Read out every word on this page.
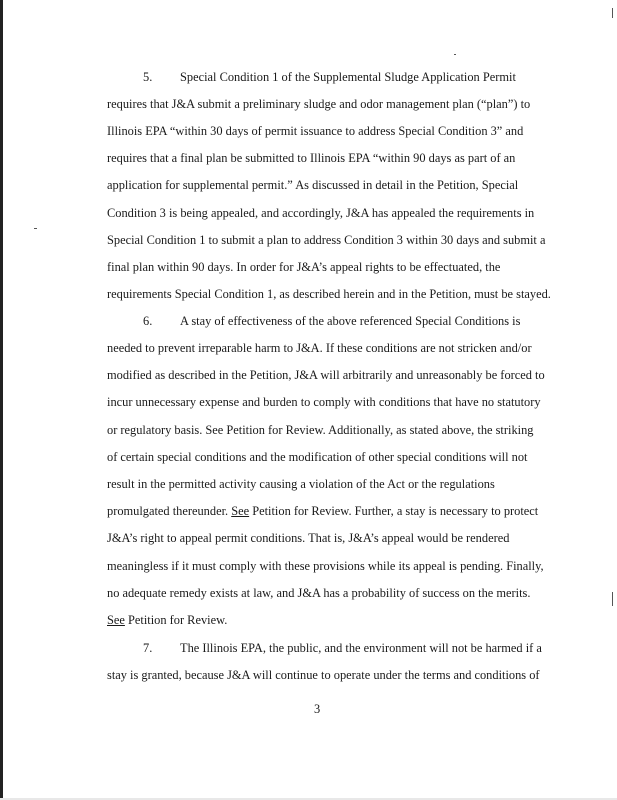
5. Special Condition 1 of the Supplemental Sludge Application Permit
requires that J&A submit a preliminary sludge and odor management plan (“plan”) to
Illinois EPA “within 30 days of permit issuance to address Special Condition 3” and
requires that a final plan be submitted to Illinois EPA “within 90 days as part of an
application for supplemental permit.” As discussed in detail in the Petition, Special
Condition 3 is being appealed, and accordingly, J&A has appealed the requirements in
Special Condition 1 to submit a plan to address Condition 3 within 30 days and submit a
final plan within 90 days. In order for J&A’s appeal rights to be effectuated, the
requirements Special Condition 1, as described herein and in the Petition, must be stayed.
6. A stay of effectiveness of the above referenced Special Conditions is
needed to prevent irreparable harm to J&A. If these conditions are not stricken and/or
modified as described in the Petition, J&A will arbitrarily and unreasonably be forced to
incur unnecessary expense and burden to comply with conditions that have no statutory
or regulatory basis. See Petition for Review. Additionally, as stated above, the striking
of certain special conditions and the modification of other special conditions will not
result in the permitted activity causing a violation of the Act or the regulations
promulgated thereunder. See Petition for Review. Further, a stay is necessary to protect
J&A’s right to appeal permit conditions. That is, J&A’s appeal would be rendered
meaningless if it must comply with these provisions while its appeal is pending. Finally,
no adequate remedy exists at law, and J&A has a probability of success on the merits.
See Petition for Review.
7. The Illinois EPA, the public, and the environment will not be harmed if a
stay is granted, because J&A will continue to operate under the terms and conditions of
3
